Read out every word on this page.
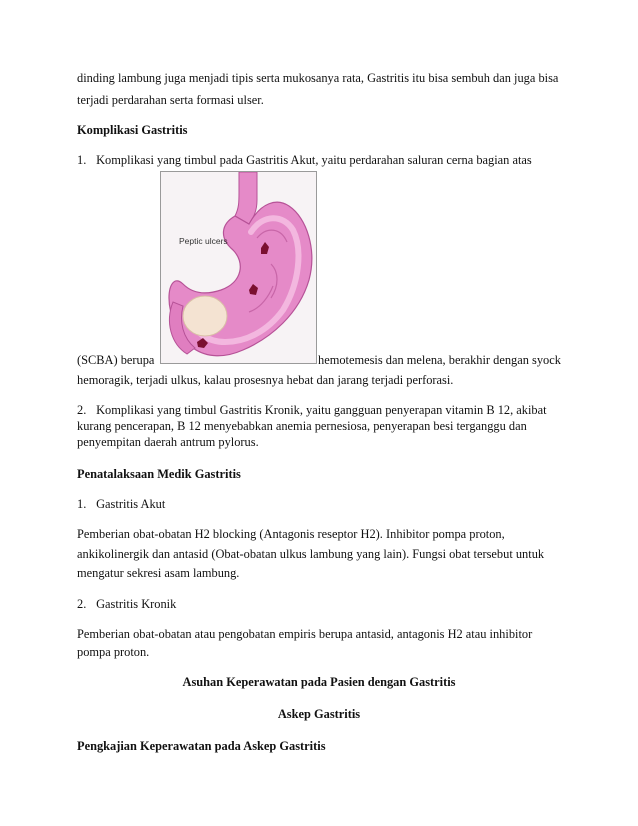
dinding lambung juga menjadi tipis serta mukosanya rata, Gastritis itu bisa sembuh dan juga bisa
terjadi perdarahan serta formasi ulser.
Komplikasi Gastritis
1. Komplikasi yang timbul pada Gastritis Akut, yaitu perdarahan saluran cerna bagian atas
Peptic ulcers
(SCBA) berupa	hemotemesis dan melena, berakhir dengan syock
hemoragik, terjadi ulkus, kalau prosesnya hebat dan jarang terjadi perforasi.
2. Komplikasi yang timbul Gastritis Kronik, yaitu gangguan penyerapan vitamin B 12, akibat
kurang pencerapan, B 12 menyebabkan anemia pernesiosa, penyerapan besi terganggu dan
penyempitan daerah antrum pylorus.
Penatalaksaan Medik Gastritis
1. Gastritis Akut
Pemberian obat-obatan H2 blocking (Antagonis reseptor H2). Inhibitor pompa proton,
ankikolinergik dan antasid (Obat-obatan ulkus lambung yang lain). Fungsi obat tersebut untuk
mengatur sekresi asam lambung.
2. Gastritis Kronik
Pemberian obat-obatan atau pengobatan empiris berupa antasid, antagonis H2 atau inhibitor
pompa proton.
Asuhan Keperawatan pada Pasien dengan Gastritis
Askep Gastritis
Pengkajian Keperawatan pada Askep Gastritis
